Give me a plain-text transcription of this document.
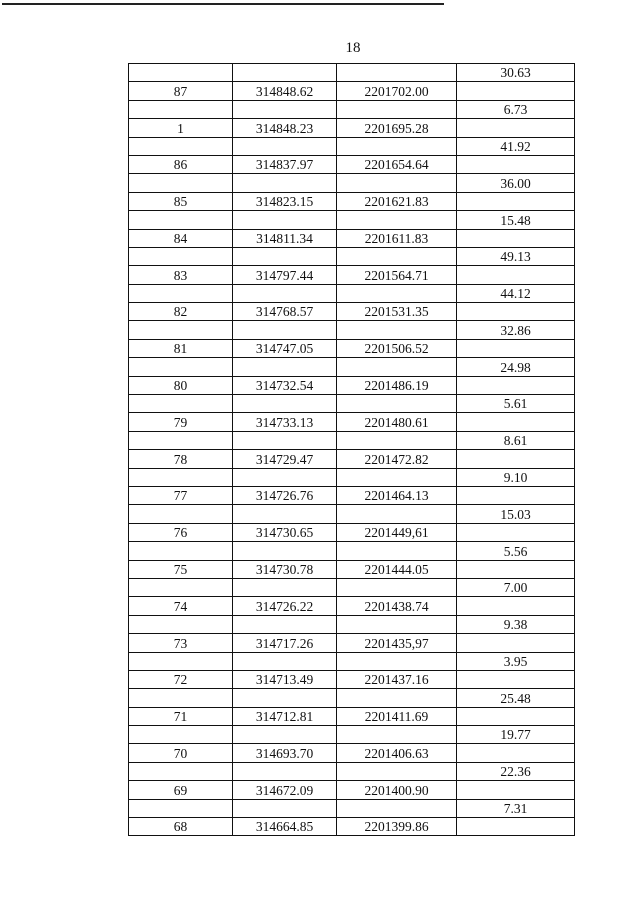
18
			30.63
87	314848.62	2201702.00	
			6.73
1	314848.23	2201695.28	
			41.92
86	314837.97	2201654.64	
			36.00
85	314823.15	2201621.83	
			15.48
84	314811.34	2201611.83	
			49.13
83	314797.44	2201564.71	
			44.12
82	314768.57	2201531.35	
			32.86
81	314747.05	2201506.52	
			24.98
80	314732.54	2201486.19	
			5.61
79	314733.13	2201480.61	
			8.61
78	314729.47	2201472.82	
			9.10
77	314726.76	2201464.13	
			15.03
76	314730.65	2201449,61	
			5.56
75	314730.78	2201444.05	
			7.00
74	314726.22	2201438.74	
			9.38
73	314717.26	2201435,97	
			3.95
72	314713.49	2201437.16	
			25.48
71	314712.81	2201411.69	
			19.77
70	314693.70	2201406.63	
			22.36
69	314672.09	2201400.90	
			7.31
68	314664.85	2201399.86	
